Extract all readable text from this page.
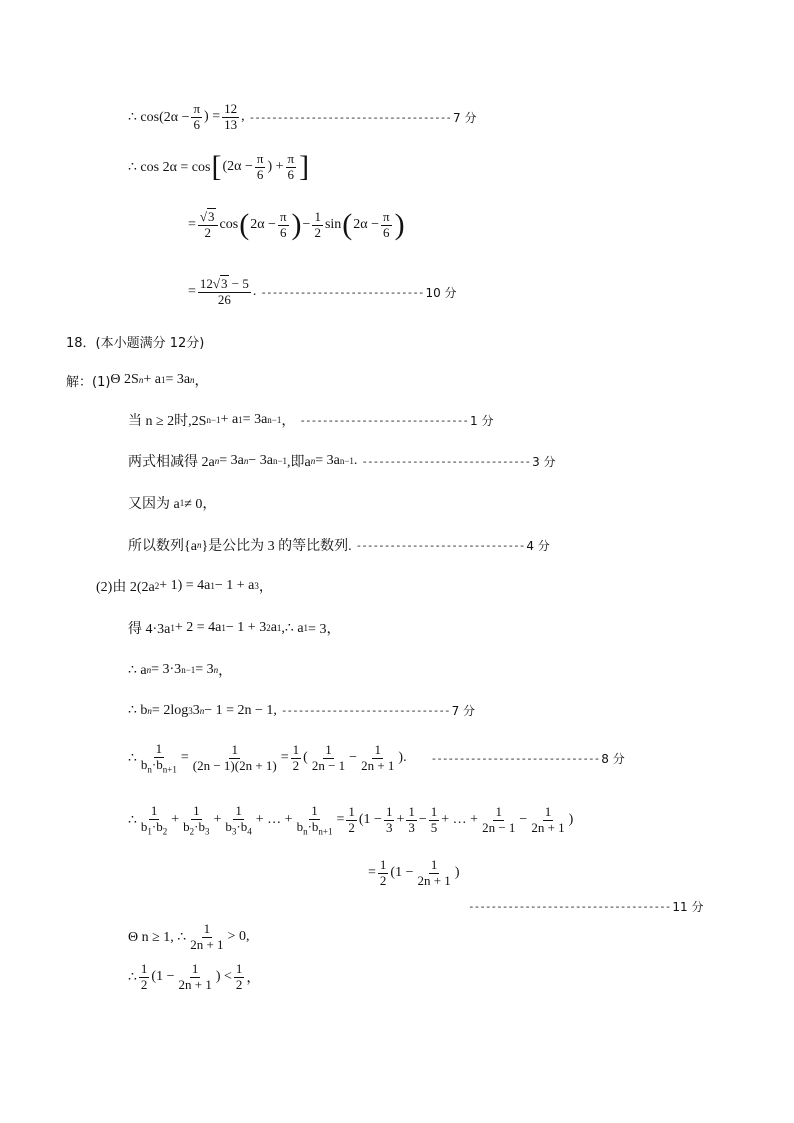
∴ $\cos(2\alpha - \frac{\pi}{6}$ ) = $\frac{12}{13}$ , ------------------------------------ 7 分
∴ cos 2α = cos [ ($2\alpha - \frac{\pi}{6}$ ) + $\frac{\pi}{6}$ ]
= $\frac{√3}{2}$ cos ( $2\alpha - \frac{\pi}{6}$ ) − $\frac{1}{2}$ sin ( $2\alpha - \frac{\pi}{6}$ )
= $\frac{12√3 - 5}{26}$ . ----------------------------- 10 分
18．(本小题满分 12分)
解：(1) Θ 2S n + a 1 = 3a n ，
当 n ≥ 2时,2S n−1 + a 1 = 3a n−1 ， ------------------------------ 1 分
两式相减得 2a n = 3a n − 3a n−1 ,即a n = 3a n−1 . ------------------------------ 3 分
又因为 a 1 ≠ 0，
所以数列{a n }是公比为 3 的等比数列. ------------------------------ 4 分
(2)由 2(2a 2 + 1) = 4a 1 − 1 + a 3 ，
得 4·3a 1 + 2 = 4a 1 − 1 + 3 2 a 1 ,∴ a 1 = 3，
∴ a n = 3·3 n−1 = 3 n ，
∴ b n = 2log 3 3 n − 1 = 2n − 1, ------------------------------ 7 分
∴ $\frac{1}{b_n\cdot b_{n+1}} = \frac{1}{(2n - 1)(2n + 1)} = \frac{1}{2}$ ( $\frac{1}{2n - 1} - \frac{1}{2n + 1}$ ). ------------------------------ 8 分
∴ $\frac{1}{b_1\cdot b_2} + \frac{1}{b_2\cdot b_3} + \frac{1}{b_3\cdot b_4}$ + … + $\frac{1}{b_n\cdot b_{n+1}} = \frac{1}{2} (1 - \frac{1}{3} + \frac{1}{3} - \frac{1}{5}$ + … + $\frac{1}{2n - 1} - \frac{1}{2n + 1}$ )
= $\frac{1}{2} (1 - \frac{1}{2n + 1}$ )
------------------------------------ 11 分
Θ n ≥ 1, ∴ $\frac{1}{2n + 1} > 0$,
∴ $\frac{1}{2} (1 - \frac{1}{2n + 1}$ ) < $\frac{1}{2}$ ，
